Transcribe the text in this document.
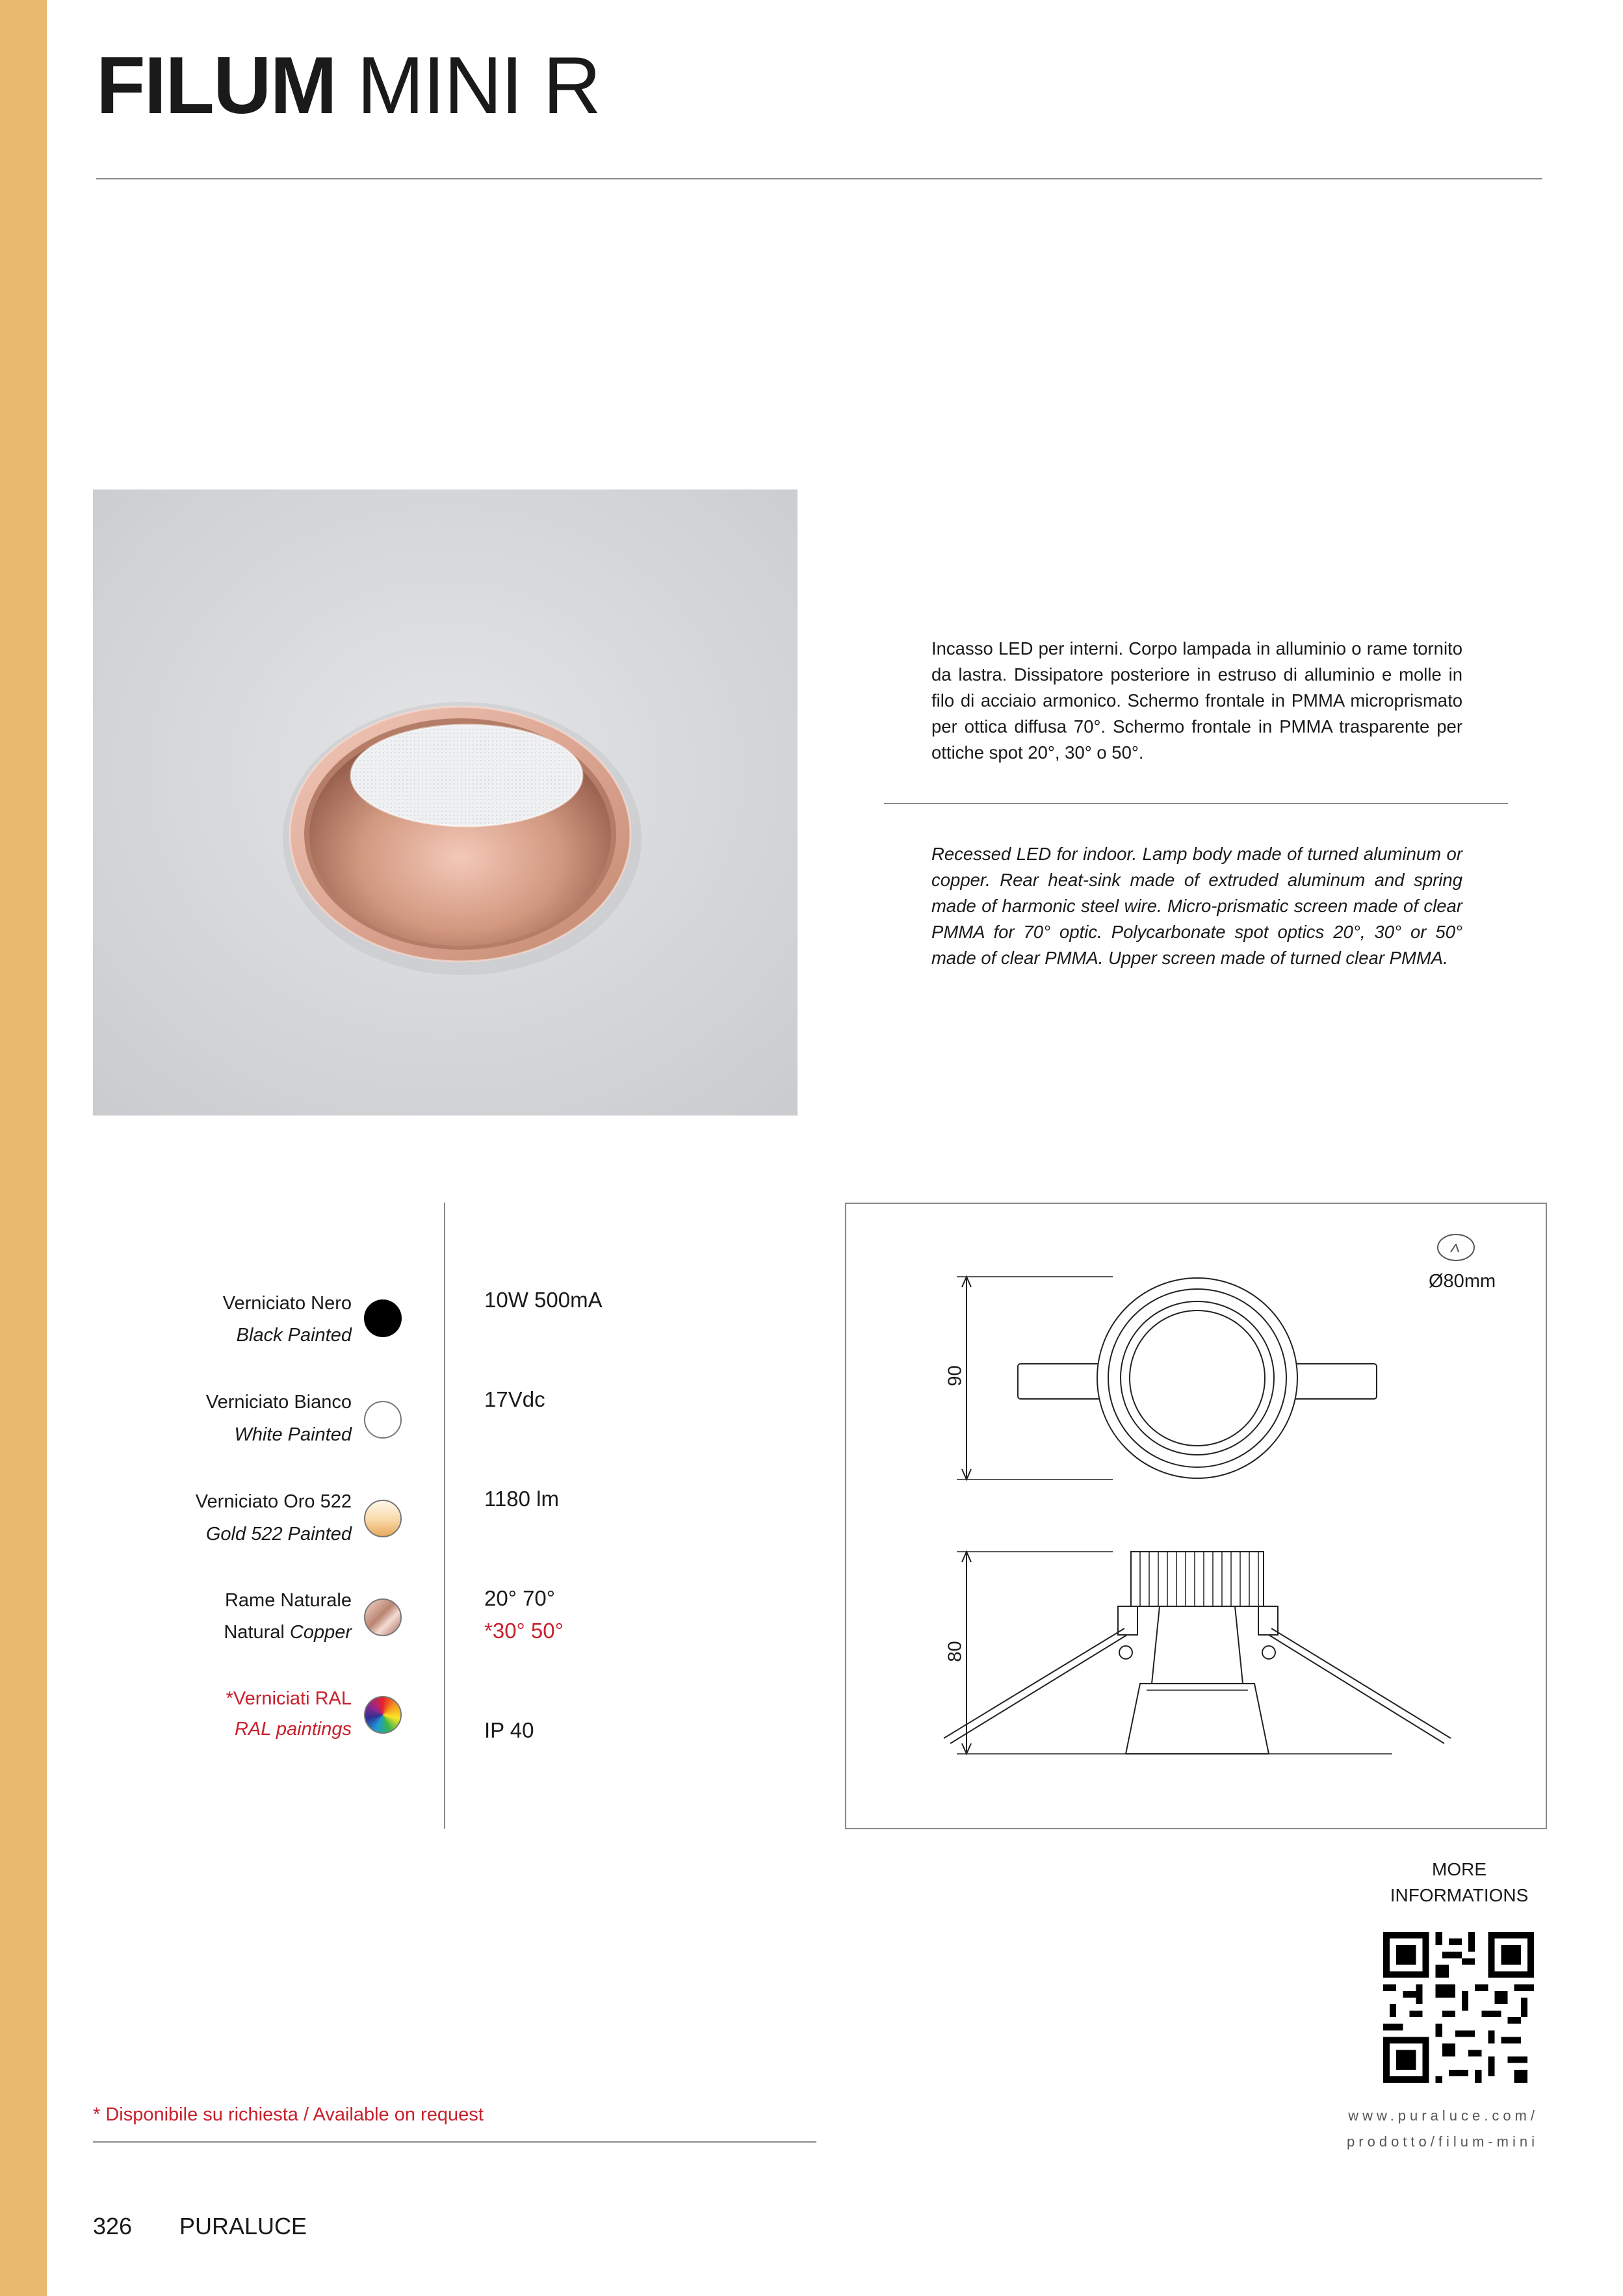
FILUM MINI R
Incasso LED per interni. Corpo lampada in alluminio o rame tornito da lastra. Dissipatore posteriore in estruso di alluminio e molle in filo di acciaio armonico. Schermo frontale in PMMA microprismato per ottica diffusa 70°. Schermo frontale in PMMA trasparente per ottiche spot 20°, 30° o 50°.
Recessed LED for indoor. Lamp body made of turned aluminum or copper. Rear heat-sink made of extruded aluminum and spring made of harmonic steel wire. Micro-prismatic screen made of clear PMMA for 70° optic. Polycarbonate spot optics 20°, 30° or 50° made of clear PMMA. Upper screen made of turned clear PMMA.
Verniciato Nero
Black Painted
Verniciato Bianco
White Painted
Verniciato Oro 522
Gold 522 Painted
Rame Naturale
Natural Copper
*Verniciati RAL
RAL paintings
10W 500mA
17Vdc
1180 lm
20° 70°
*30° 50°
IP 40
Ø80mm
90
80
MORE
INFORMATIONS
www.puraluce.com/
prodotto/filum-mini
* Disponibile su richiesta / Available on request
326 PURALUCE
